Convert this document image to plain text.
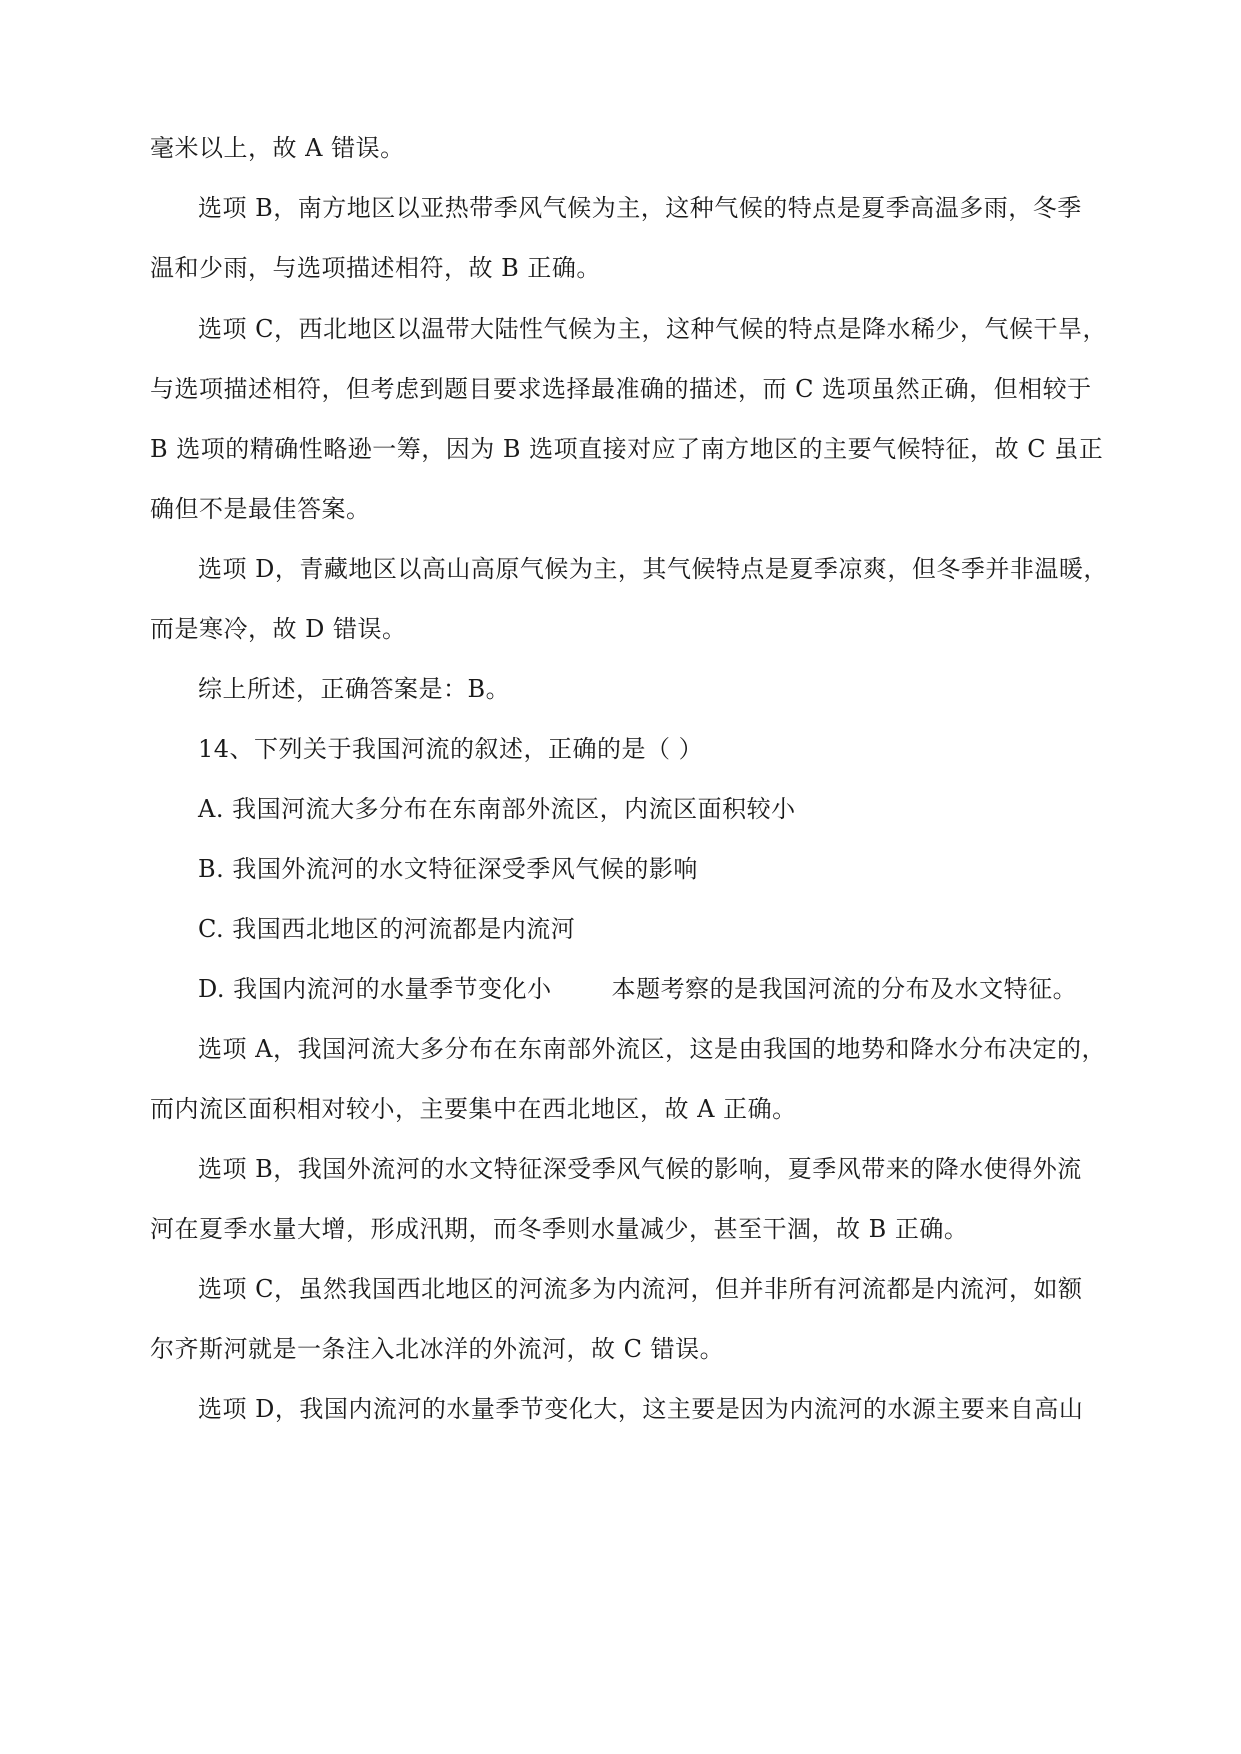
毫米以上，故 A 错误。
选项 B，南方地区以亚热带季风气候为主，这种气候的特点是夏季高温多雨，冬季
温和少雨，与选项描述相符，故 B 正确。
选项 C，西北地区以温带大陆性气候为主，这种气候的特点是降水稀少，气候干旱，
与选项描述相符，但考虑到题目要求选择最准确的描述，而 C 选项虽然正确，但相较于
B 选项的精确性略逊一筹，因为 B 选项直接对应了南方地区的主要气候特征，故 C 虽正
确但不是最佳答案。
选项 D，青藏地区以高山高原气候为主，其气候特点是夏季凉爽，但冬季并非温暖，
而是寒冷，故 D 错误。
综上所述，正确答案是：B。
14、下列关于我国河流的叙述，正确的是（ ）
A. 我国河流大多分布在东南部外流区，内流区面积较小
B. 我国外流河的水文特征深受季风气候的影响
C. 我国西北地区的河流都是内流河
D. 我国内流河的水量季节变化小	本题考察的是我国河流的分布及水文特征。
选项 A，我国河流大多分布在东南部外流区，这是由我国的地势和降水分布决定的，
而内流区面积相对较小，主要集中在西北地区，故 A 正确。
选项 B，我国外流河的水文特征深受季风气候的影响，夏季风带来的降水使得外流
河在夏季水量大增，形成汛期，而冬季则水量减少，甚至干涸，故 B 正确。
选项 C，虽然我国西北地区的河流多为内流河，但并非所有河流都是内流河，如额
尔齐斯河就是一条注入北冰洋的外流河，故 C 错误。
选项 D，我国内流河的水量季节变化大，这主要是因为内流河的水源主要来自高山
